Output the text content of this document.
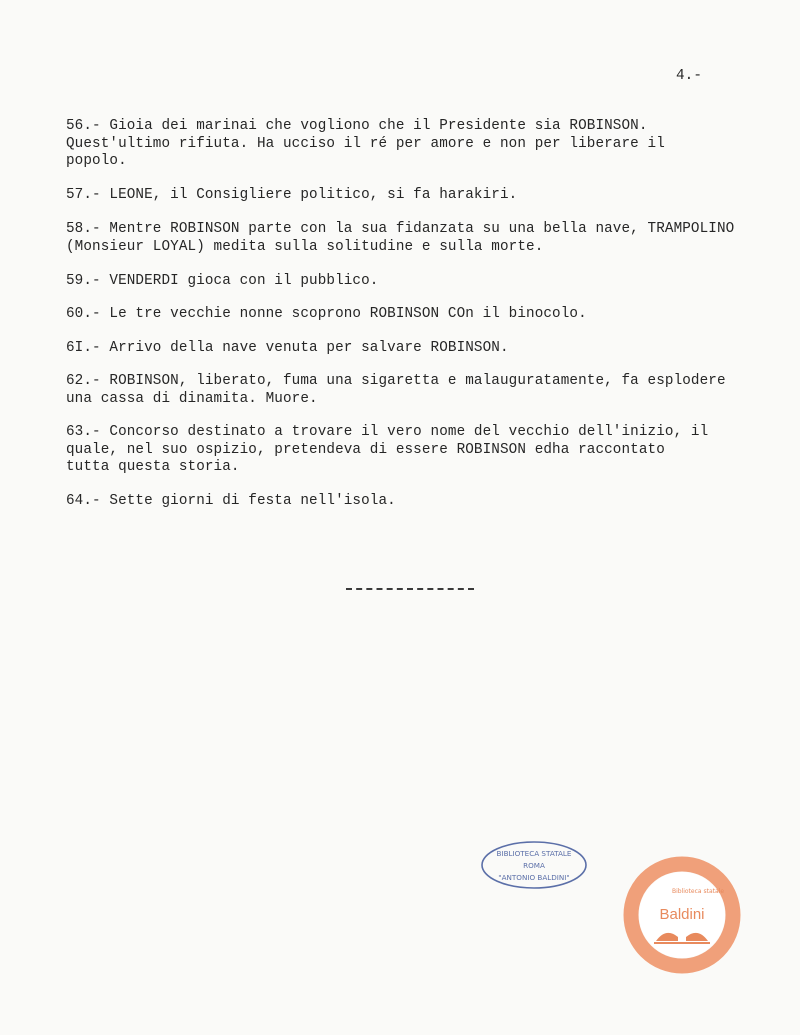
4.-

56.- Gioia dei marinai che vogliono che il Presidente sia ROBINSON.
Quest'ultimo rifiuta. Ha ucciso il ré per amore e non per liberare il
popolo.

57.- LEONE, il Consigliere politico, si fa harakiri.

58.- Mentre ROBINSON parte con la sua fidanzata su una bella nave, TRAMPOLINO
(Monsieur LOYAL) medita sulla solitudine e sulla morte.

59.- VENDERDI gioca con il pubblico.

60.- Le tre vecchie nonne scoprono ROBINSON COn il binocolo.

6I.- Arrivo della nave venuta per salvare ROBINSON.

62.- ROBINSON, liberato, fuma una sigaretta e malauguratamente, fa esplodere
una cassa di dinamita. Muore.

63.- Concorso destinato a trovare il vero nome del vecchio dell'inizio, il
quale, nel suo ospizio, pretendeva di essere ROBINSON edha raccontato
tutta questa storia.

64.- Sette giorni di festa nell'isola.

BIBLIOTECA STATALE
ROMA
"ANTONIO BALDINI"
Biblioteca statale
Baldini
